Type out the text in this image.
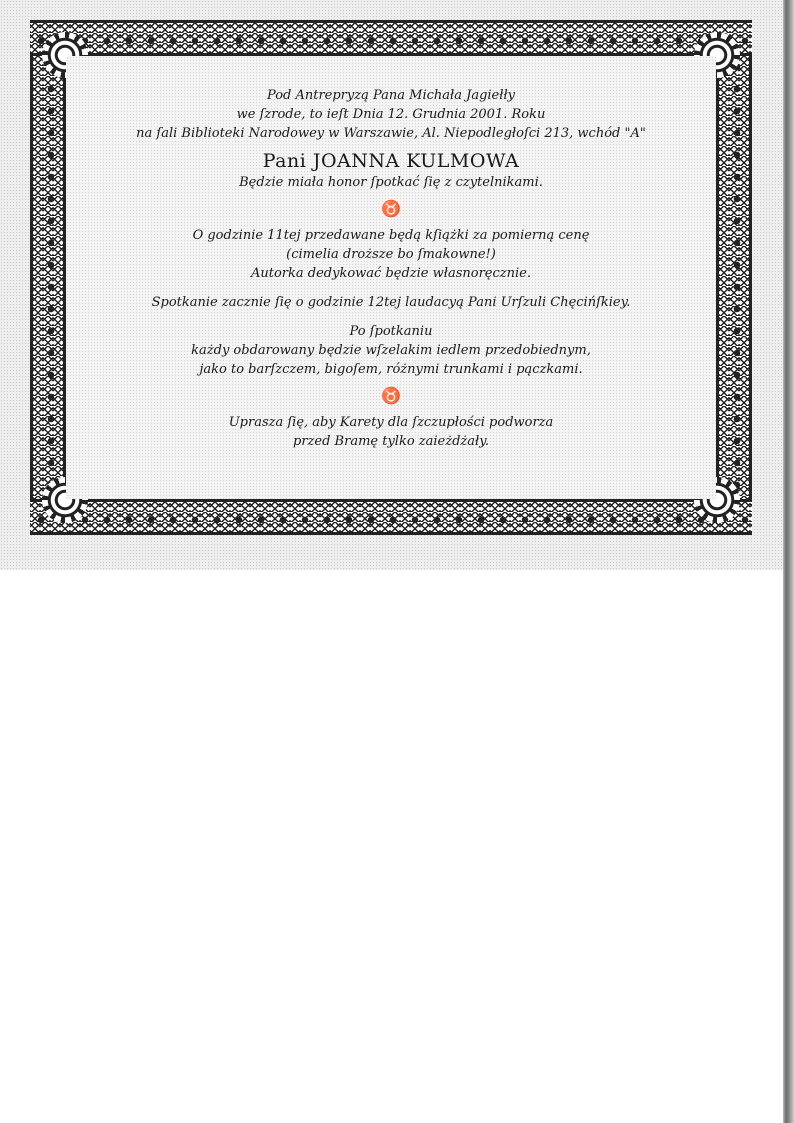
Pod Antrepryzą Pana Michała Jagiełły
we ſzrode, to ieſt Dnia 12. Grudnia 2001. Roku
na ſali Biblioteki Narodowey w Warszawie, Al. Niepodległoſci 213, wchód "A"
Pani JOANNA KULMOWA
Będzie miała honor ſpotkać ſię z czytelnikami.
♉
O godzinie 11tej przedawane będą kſiążki za pomierną cenę
(cimelia droższe bo ſmakowne!)
Autorka dedykować będzie własnoręcznie.
Spotkanie zacznie ſię o godzinie 12tej laudacyą Pani Urſzuli Chęcińſkiey.
Po ſpotkaniu
każdy obdarowany będzie wſzelakim iedlem przedobiednym,
jako to barſzczem, bigoſem, różnymi trunkami i pączkami.
♉
Uprasza ſię, aby Karety dla ſzczupłości podworza
przed Bramę tylko zaieżdżały.
